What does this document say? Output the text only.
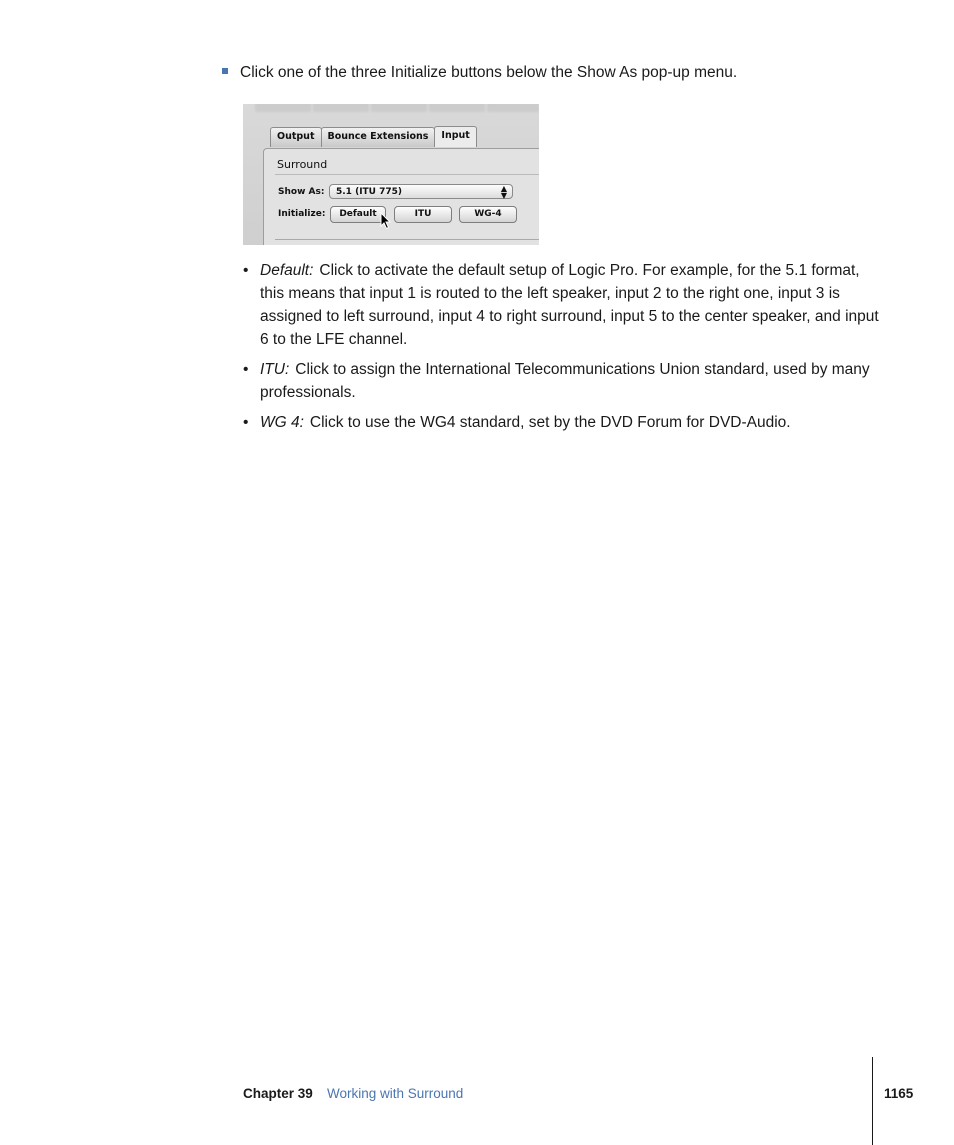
Click one of the three Initialize buttons below the Show As pop-up menu.
Output	Bounce Extensions	Input
Surround
Show As:	5.1 (ITU 775)	▲
▼
Initialize:	Default	ITU	WG-4
• Default: Click to activate the default setup of Logic Pro. For example, for the 5.1 format, this means that input 1 is routed to the left speaker, input 2 to the right one, input 3 is assigned to left surround, input 4 to right surround, input 5 to the center speaker, and input 6 to the LFE channel.
• ITU: Click to assign the International Telecommunications Union standard, used by many professionals.
• WG 4: Click to use the WG4 standard, set by the DVD Forum for DVD-Audio.
Chapter 39 Working with Surround	1165
